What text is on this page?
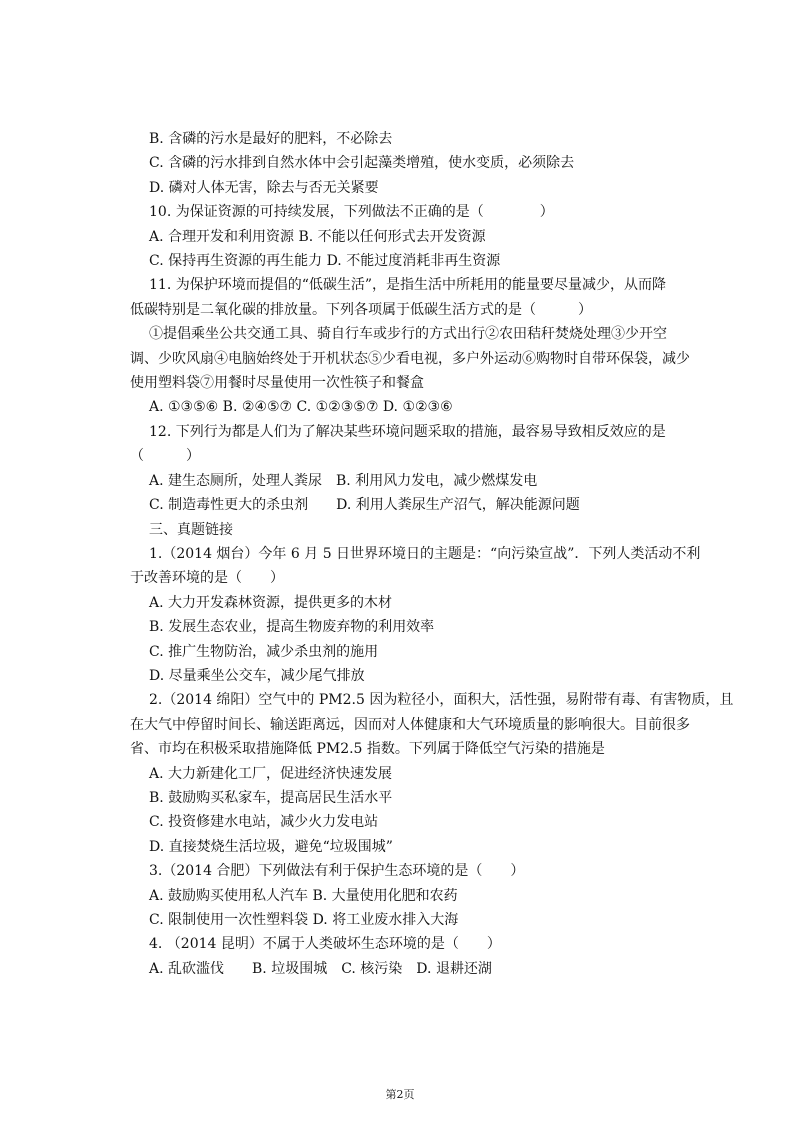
B. 含磷的污水是最好的肥料，不必除去
C. 含磷的污水排到自然水体中会引起藻类增殖，使水变质，必须除去
D. 磷对人体无害，除去与否无关紧要
10. 为保证资源的可持续发展，下列做法不正确的是（　　　　）
A. 合理开发和利用资源 B. 不能以任何形式去开发资源
C. 保持再生资源的再生能力 D. 不能过度消耗非再生资源
11. 为保护环境而提倡的“低碳生活”，是指生活中所耗用的能量要尽量减少，从而降
低碳特别是二氧化碳的排放量。下列各项属于低碳生活方式的是（　　　）
①提倡乘坐公共交通工具、骑自行车或步行的方式出行②农田秸秆焚烧处理③少开空
调、少吹风扇④电脑始终处于开机状态⑤少看电视，多户外运动⑥购物时自带环保袋，减少
使用塑料袋⑦用餐时尽量使用一次性筷子和餐盒
A. ①③⑤⑥ B. ②④⑤⑦ C. ①②③⑤⑦ D. ①②③⑥
12. 下列行为都是人们为了解决某些环境问题采取的措施，最容易导致相反效应的是
（　　　）
A. 建生态厕所，处理人粪尿　B. 利用风力发电，减少燃煤发电
C. 制造毒性更大的杀虫剂　　D. 利用人粪尿生产沼气，解决能源问题
三、真题链接
1.（2014 烟台）今年 6 月 5 日世界环境日的主题是：“向污染宣战”．下列人类活动不利
于改善环境的是（　　）
A. 大力开发森林资源，提供更多的木材
B. 发展生态农业，提高生物废弃物的利用效率
C. 推广生物防治，减少杀虫剂的施用
D. 尽量乘坐公交车，减少尾气排放
2.（2014 绵阳）空气中的 PM2.5 因为粒径小，面积大，活性强，易附带有毒、有害物质，且
在大气中停留时间长、输送距离远，因而对人体健康和大气环境质量的影响很大。目前很多
省、市均在积极采取措施降低 PM2.5 指数。下列属于降低空气污染的措施是
A. 大力新建化工厂，促进经济快速发展
B. 鼓励购买私家车，提高居民生活水平
C. 投资修建水电站，减少火力发电站
D. 直接焚烧生活垃圾，避免“垃圾围城”
3.（2014 合肥）下列做法有利于保护生态环境的是（　　）
A. 鼓励购买使用私人汽车 B. 大量使用化肥和农药
C. 限制使用一次性塑料袋 D. 将工业废水排入大海
4. （2014 昆明）不属于人类破坏生态环境的是（　　）
A. 乱砍滥伐　　B. 垃圾围城　C. 核污染　D. 退耕还湖
第2页
